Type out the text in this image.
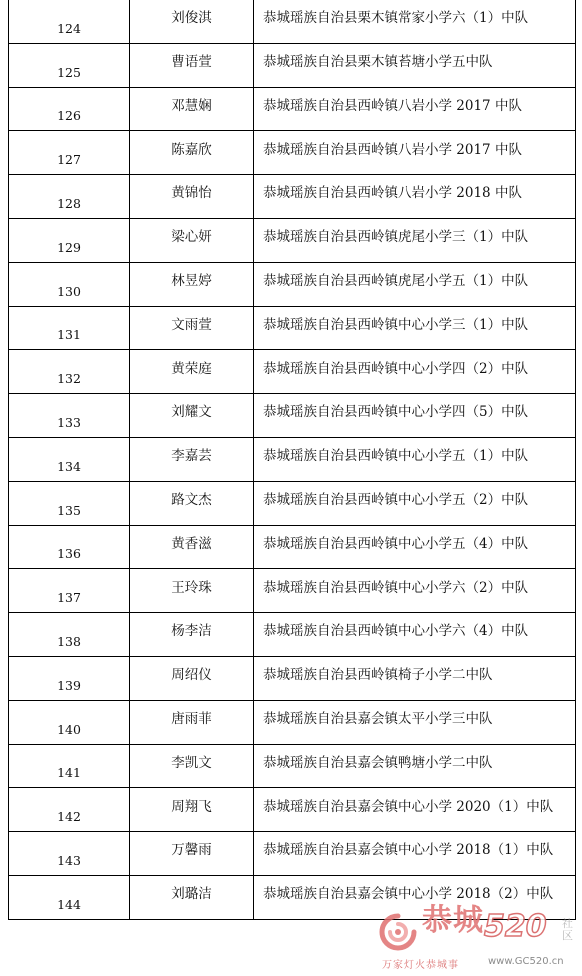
124	刘俊淇	恭城瑶族自治县栗木镇常家小学六（1）中队
125	曹语萱	恭城瑶族自治县栗木镇苔塘小学五中队
126	邓慧娴	恭城瑶族自治县西岭镇八岩小学 2017 中队
127	陈嘉欣	恭城瑶族自治县西岭镇八岩小学 2017 中队
128	黄锦怡	恭城瑶族自治县西岭镇八岩小学 2018 中队
129	梁心妍	恭城瑶族自治县西岭镇虎尾小学三（1）中队
130	林昱婷	恭城瑶族自治县西岭镇虎尾小学五（1）中队
131	文雨萱	恭城瑶族自治县西岭镇中心小学三（1）中队
132	黄荣庭	恭城瑶族自治县西岭镇中心小学四（2）中队
133	刘耀文	恭城瑶族自治县西岭镇中心小学四（5）中队
134	李嘉芸	恭城瑶族自治县西岭镇中心小学五（1）中队
135	路文杰	恭城瑶族自治县西岭镇中心小学五（2）中队
136	黄香滋	恭城瑶族自治县西岭镇中心小学五（4）中队
137	王玲珠	恭城瑶族自治县西岭镇中心小学六（2）中队
138	杨李洁	恭城瑶族自治县西岭镇中心小学六（4）中队
139	周绍仪	恭城瑶族自治县西岭镇椅子小学二中队
140	唐雨菲	恭城瑶族自治县嘉会镇太平小学三中队
141	李凯文	恭城瑶族自治县嘉会镇鸭塘小学二中队
142	周翔飞	恭城瑶族自治县嘉会镇中心小学 2020（1）中队
143	万馨雨	恭城瑶族自治县嘉会镇中心小学 2018（1）中队
144	刘璐洁	恭城瑶族自治县嘉会镇中心小学 2018（2）中队
恭城 520 社区
万家灯火恭城事	www.GC520.cn
